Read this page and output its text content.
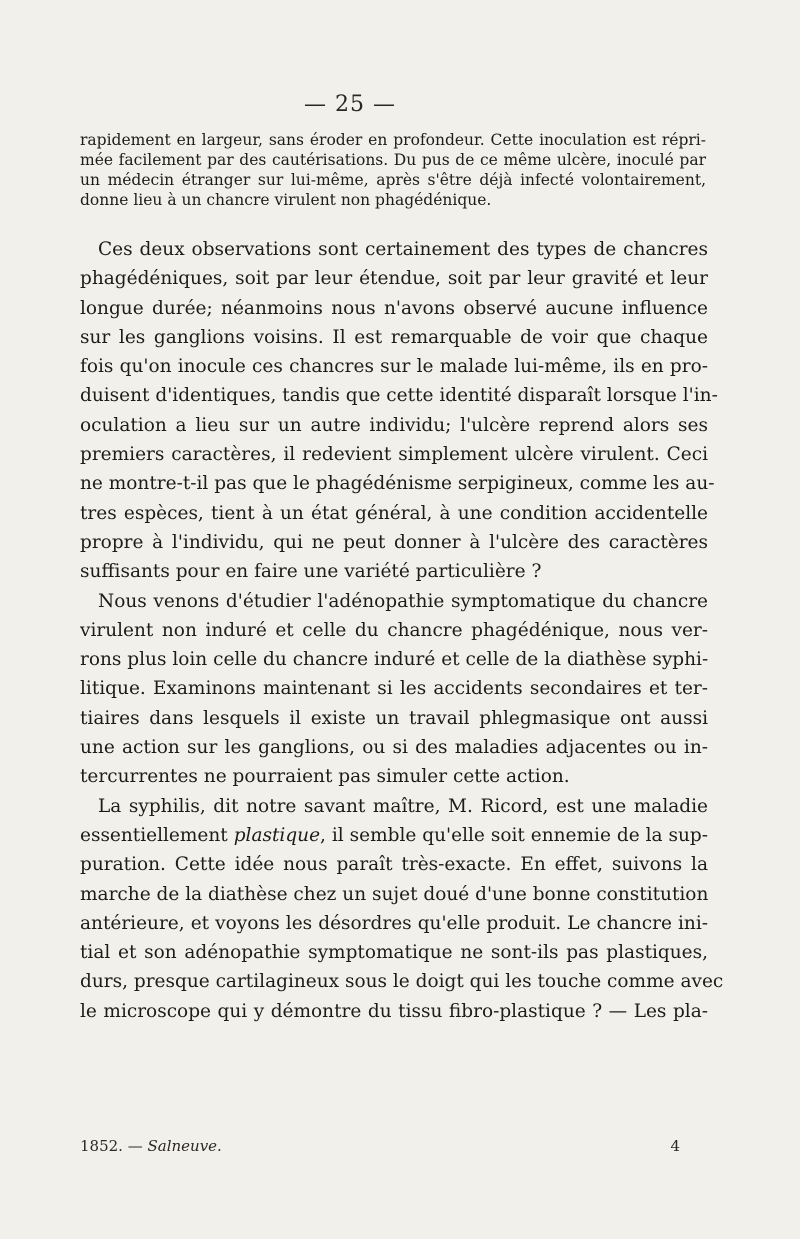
— 25 —
rapidement en largeur, sans éroder en profondeur. Cette inoculation est répri-
mée facilement par des cautérisations. Du pus de ce même ulcère, inoculé par
un médecin étranger sur lui-même, après s'être déjà infecté volontairement,
donne lieu à un chancre virulent non phagédénique.
Ces deux observations sont certainement des types de chancres
phagédéniques, soit par leur étendue, soit par leur gravité et leur
longue durée; néanmoins nous n'avons observé aucune influence
sur les ganglions voisins. Il est remarquable de voir que chaque
fois qu'on inocule ces chancres sur le malade lui-même, ils en pro-
duisent d'identiques, tandis que cette identité disparaît lorsque l'in-
oculation a lieu sur un autre individu; l'ulcère reprend alors ses
premiers caractères, il redevient simplement ulcère virulent. Ceci
ne montre-t-il pas que le phagédénisme serpigineux, comme les au-
tres espèces, tient à un état général, à une condition accidentelle
propre à l'individu, qui ne peut donner à l'ulcère des caractères
suffisants pour en faire une variété particulière ?
Nous venons d'étudier l'adénopathie symptomatique du chancre
virulent non induré et celle du chancre phagédénique, nous ver-
rons plus loin celle du chancre induré et celle de la diathèse syphi-
litique. Examinons maintenant si les accidents secondaires et ter-
tiaires dans lesquels il existe un travail phlegmasique ont aussi
une action sur les ganglions, ou si des maladies adjacentes ou in-
tercurrentes ne pourraient pas simuler cette action.
La syphilis, dit notre savant maître, M. Ricord, est une maladie
essentiellement plastique, il semble qu'elle soit ennemie de la sup-
puration. Cette idée nous paraît très-exacte. En effet, suivons la
marche de la diathèse chez un sujet doué d'une bonne constitution
antérieure, et voyons les désordres qu'elle produit. Le chancre ini-
tial et son adénopathie symptomatique ne sont-ils pas plastiques,
durs, presque cartilagineux sous le doigt qui les touche comme avec
le microscope qui y démontre du tissu fibro-plastique ? — Les pla-
1852. — Salneuve.	4
